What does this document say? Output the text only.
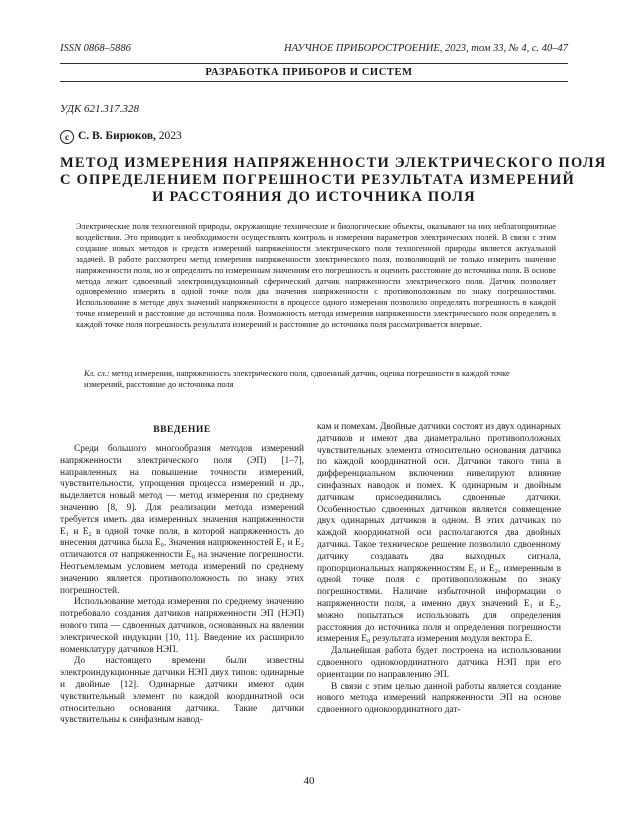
ISSN 0868–5886	НАУЧНОЕ ПРИБОРОСТРОЕНИЕ, 2023, том 33, № 4, с. 40–47
РАЗРАБОТКА ПРИБОРОВ И СИСТЕМ
УДК 621.317.328
c С. В. Бирюков, 2023
МЕТОД ИЗМЕРЕНИЯ НАПРЯЖЕННОСТИ ЭЛЕКТРИЧЕСКОГО ПОЛЯ
С ОПРЕДЕЛЕНИЕМ ПОГРЕШНОСТИ РЕЗУЛЬТАТА ИЗМЕРЕНИЙ
И РАССТОЯНИЯ ДО ИСТОЧНИКА ПОЛЯ
Электрические поля техногенной природы, окружающие технические и биологические объекты, оказывают на них неблагоприятные воздействия. Это приводит к необходимости осуществлять контроль и измерения параметров электрических полей. В связи с этим создание новых методов и средств измерений напряженности электрического поля техногенной природы является актуальной задачей. В работе рассмотрен метод измерения напряженности электрического поля, позволяющий не только измерить значение напряженности поля, но и определить по измеренным значениям его погрешность и оценить расстояние до источника поля. В основе метода лежит сдвоенный электроиндукционный сферический датчик напряженности электрического поля. Датчик позволяет одновременно измерять в одной точке поля два значения напряженности с противоположным по знаку погрешностями. Использование в методе двух значений напряженности в процессе одного измерения позволило определять погрешность в каждой точке измерений и расстояние до источника поля. Возможность метода измерения напряженности электрического поля определять в каждой точке поля погрешность результата измерений и расстояние до источника поля рассматривается впервые.
Кл. сл.: метод измерения, напряженность электрического поля, сдвоенный датчик, оценка погрешности в каждой точке измерений, расстояние до источника поля
ВВЕДЕНИЕ

Среди большого многообразия методов измерений напряженности электрического поля (ЭП) [1–7], направленных на повышение точности измерений, чувствительности, упрощения процесса измерений и др., выделяется новый метод — метод измерения по среднему значению [8, 9]. Для реализации метода измерений требуется иметь два измеренных значения напряженности E₁ и E₂ в одной точке поля, в которой напряженность до внесения датчика была E₀. Значения напряженностей E₁ и E₂ отличаются от напряженности E₀ на значение погрешности. Неотъемлемым условием метода измерений по среднему значению является противоположность по знаку этих погрешностей.

Использование метода измерения по среднему значению потребовало создания датчиков напряженности ЭП (НЭП) нового типа — сдвоенных датчиков, основанных на явлении электрической индукции [10, 11]. Введение их расширило номенклатуру датчиков НЭП.

До настоящего времени были известны электроиндукционные датчики НЭП двух типов: одинарные и двойные [12]. Одинарные датчики имеют один чувствительный элемент по каждой координатной оси относительно основания датчика. Такие датчики чувствительны к синфазным навод-

кам и помехам. Двойные датчики состоят из двух одинарных датчиков и имеют два диаметрально противоположных чувствительных элемента относительно основания датчика по каждой координатной оси. Датчики такого типа в дифференциальном включении нивелируют влияние синфазных наводок и помех. К одинарным и двойным датчикам присоединились сдвоенные датчики. Особенностью сдвоенных датчиков является совмещение двух одинарных датчиков в одном. В этих датчиках по каждой координатной оси располагаются два двойных датчика. Такое техническое решение позволило сдвоенному датчику создавать два выходных сигнала, пропорциональных напряженностям E₁ и E₂, измеренным в одной точке поля с противоположным по знаку погрешностями. Наличие избыточной информации о напряженности поля, а именно двух значений E₁ и E₂, можно попытаться использовать для определения расстояния до источника поля и определения погрешности измерения E₀ результата измерения модуля вектора E.

Дальнейшая работа будет построена на использовании сдвоенного однокоординатного датчика НЭП при его ориентации по направлению ЭП.

В связи с этим целью данной работы является создание нового метода измерений напряженности ЭП на основе сдвоенного однокоординатного дат-

40
